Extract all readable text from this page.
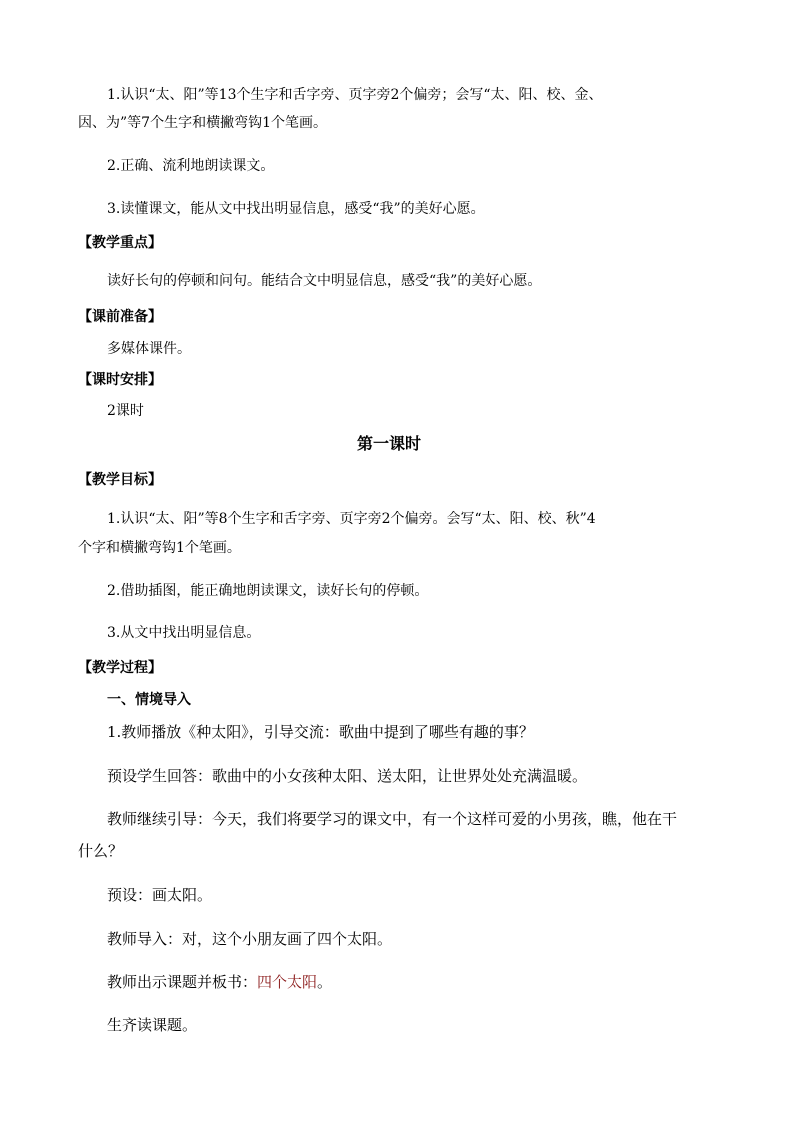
1.认识“太、阳”等13个生字和舌字旁、页字旁2个偏旁；会写“太、阳、校、金、
因、为”等7个生字和横撇弯钩1个笔画。
2.正确、流利地朗读课文。
3.读懂课文，能从文中找出明显信息，感受“我”的美好心愿。
【教学重点】
读好长句的停顿和问句。能结合文中明显信息，感受“我”的美好心愿。
【课前准备】
多媒体课件。
【课时安排】
2课时
第一课时
【教学目标】
1.认识“太、阳”等8个生字和舌字旁、页字旁2个偏旁。会写“太、阳、校、秋”4
个字和横撇弯钩1个笔画。
2.借助插图，能正确地朗读课文，读好长句的停顿。
3.从文中找出明显信息。
【教学过程】
一、情境导入
1.教师播放《种太阳》，引导交流：歌曲中提到了哪些有趣的事？
预设学生回答：歌曲中的小女孩种太阳、送太阳，让世界处处充满温暖。
教师继续引导：今天，我们将要学习的课文中，有一个这样可爱的小男孩，瞧，他在干
什么？
预设：画太阳。
教师导入：对，这个小朋友画了四个太阳。
教师出示课题并板书：四个太阳。
生齐读课题。
